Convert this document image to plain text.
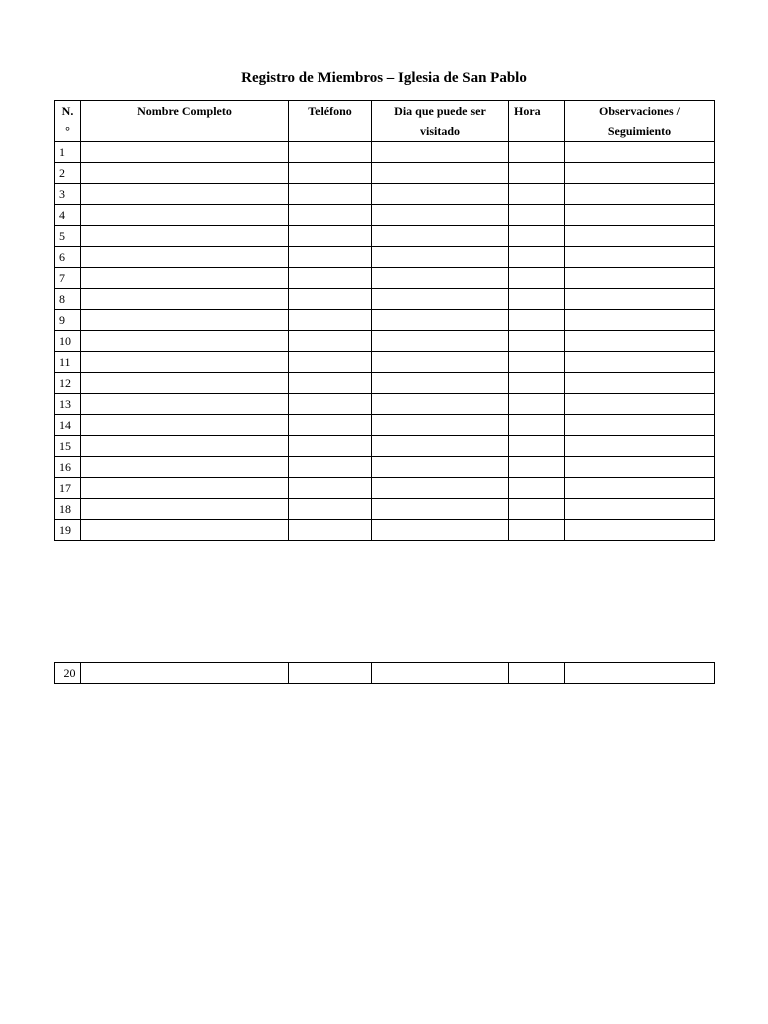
Registro de Miembros – Iglesia de San Pablo
N.
°	Nombre Completo	Teléfono	Dia que puede ser visitado	Hora	Observaciones / Seguimiento
1					
2					
3					
4					
5					
6					
7					
8					
9					
10					
11					
12					
13					
14					
15					
16					
17					
18					
19					
20					
